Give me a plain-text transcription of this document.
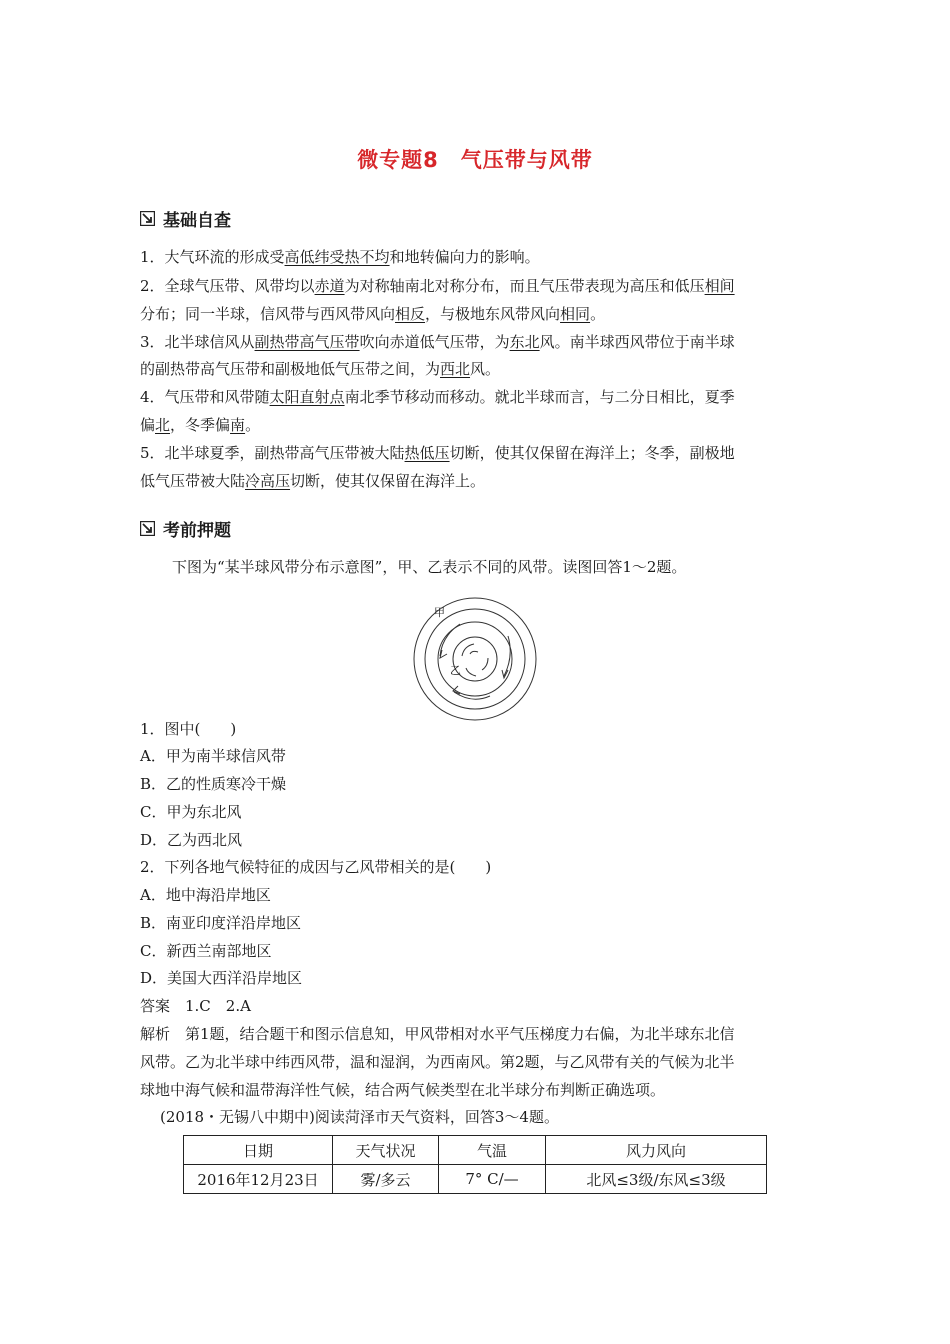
微专题8　气压带与风带
基础自查
1．大气环流的形成受高低纬受热不均和地转偏向力的影响。
2．全球气压带、风带均以赤道为对称轴南北对称分布，而且气压带表现为高压和低压相间
分布；同一半球，信风带与西风带风向相反，与极地东风带风向相同。
3．北半球信风从副热带高气压带吹向赤道低气压带，为东北风。南半球西风带位于南半球
的副热带高气压带和副极地低气压带之间，为西北风。
4．气压带和风带随太阳直射点南北季节移动而移动。就北半球而言，与二分日相比，夏季
偏北，冬季偏南。
5．北半球夏季，副热带高气压带被大陆热低压切断，使其仅保留在海洋上；冬季，副极地
低气压带被大陆冷高压切断，使其仅保留在海洋上。
考前押题
下图为“某半球风带分布示意图”，甲、乙表示不同的风带。读图回答1～2题。
甲
乙
1．图中(　　)
A．甲为南半球信风带
B．乙的性质寒冷干燥
C．甲为东北风
D．乙为西北风
2．下列各地气候特征的成因与乙风带相关的是(　　)
A．地中海沿岸地区
B．南亚印度洋沿岸地区
C．新西兰南部地区
D．美国大西洋沿岸地区
答案　1.C　2.A
解析　第1题，结合题干和图示信息知，甲风带相对水平气压梯度力右偏，为北半球东北信
风带。乙为北半球中纬西风带，温和湿润，为西南风。第2题，与乙风带有关的气候为北半
球地中海气候和温带海洋性气候，结合两气候类型在北半球分布判断正确选项。
(2018・无锡八中期中)阅读菏泽市天气资料，回答3～4题。
日期	天气状况	气温	风力风向
2016年12月23日	雾/多云	7° C/—	北风≤3级/东风≤3级
